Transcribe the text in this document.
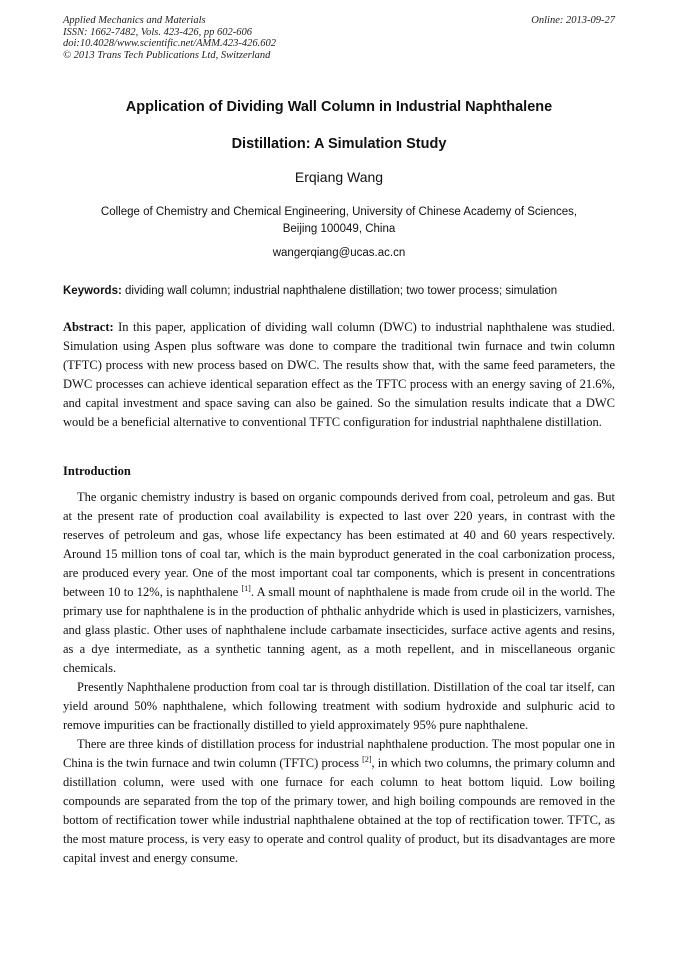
Applied Mechanics and Materials
ISSN: 1662-7482, Vols. 423-426, pp 602-606
doi:10.4028/www.scientific.net/AMM.423-426.602
© 2013 Trans Tech Publications Ltd, Switzerland
Online: 2013-09-27
Application of Dividing Wall Column in Industrial Naphthalene
Distillation: A Simulation Study
Erqiang Wang
College of Chemistry and Chemical Engineering, University of Chinese Academy of Sciences,
Beijing 100049, China
wangerqiang@ucas.ac.cn
Keywords: dividing wall column; industrial naphthalene distillation; two tower process; simulation
Abstract: In this paper, application of dividing wall column (DWC) to industrial naphthalene was studied. Simulation using Aspen plus software was done to compare the traditional twin furnace and twin column (TFTC) process with new process based on DWC. The results show that, with the same feed parameters, the DWC processes can achieve identical separation effect as the TFTC process with an energy saving of 21.6%, and capital investment and space saving can also be gained. So the simulation results indicate that a DWC would be a beneficial alternative to conventional TFTC configuration for industrial naphthalene distillation.
Introduction

The organic chemistry industry is based on organic compounds derived from coal, petroleum and gas. But at the present rate of production coal availability is expected to last over 220 years, in contrast with the reserves of petroleum and gas, whose life expectancy has been estimated at 40 and 60 years respectively. Around 15 million tons of coal tar, which is the main byproduct generated in the coal carbonization process, are produced every year. One of the most important coal tar components, which is present in concentrations between 10 to 12%, is naphthalene [1]. A small mount of naphthalene is made from crude oil in the world. The primary use for naphthalene is in the production of phthalic anhydride which is used in plasticizers, varnishes, and glass plastic. Other uses of naphthalene include carbamate insecticides, surface active agents and resins, as a dye intermediate, as a synthetic tanning agent, as a moth repellent, and in miscellaneous organic chemicals.

Presently Naphthalene production from coal tar is through distillation. Distillation of the coal tar itself, can yield around 50% naphthalene, which following treatment with sodium hydroxide and sulphuric acid to remove impurities can be fractionally distilled to yield approximately 95% pure naphthalene.

There are three kinds of distillation process for industrial naphthalene production. The most popular one in China is the twin furnace and twin column (TFTC) process [2], in which two columns, the primary column and distillation column, were used with one furnace for each column to heat bottom liquid. Low boiling compounds are separated from the top of the primary tower, and high boiling compounds are removed in the bottom of rectification tower while industrial naphthalene obtained at the top of rectification tower. TFTC, as the most mature process, is very easy to operate and control quality of product, but its disadvantages are more capital invest and energy consume.
